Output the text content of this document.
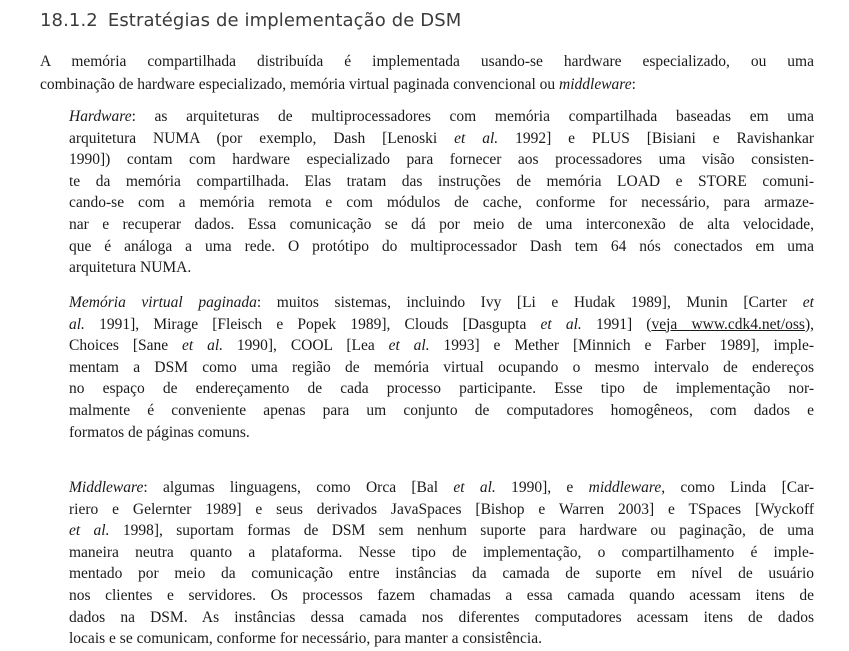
18.1.2 Estratégias de implementação de DSM

A memória compartilhada distribuída é implementada usando-se hardware especializado, ou uma
combinação de hardware especializado, memória virtual paginada convencional ou middleware:

Hardware: as arquiteturas de multiprocessadores com memória compartilhada baseadas em uma
arquitetura NUMA (por exemplo, Dash [Lenoski et al. 1992] e PLUS [Bisiani e Ravishankar
1990]) contam com hardware especializado para fornecer aos processadores uma visão consisten-
te da memória compartilhada. Elas tratam das instruções de memória LOAD e STORE comuni-
cando-se com a memória remota e com módulos de cache, conforme for necessário, para armaze-
nar e recuperar dados. Essa comunicação se dá por meio de uma interconexão de alta velocidade,
que é análoga a uma rede. O protótipo do multiprocessador Dash tem 64 nós conectados em uma
arquitetura NUMA.

Memória virtual paginada: muitos sistemas, incluindo Ivy [Li e Hudak 1989], Munin [Carter et
al. 1991], Mirage [Fleisch e Popek 1989], Clouds [Dasgupta et al. 1991] (veja www.cdk4.net/oss),
Choices [Sane et al. 1990], COOL [Lea et al. 1993] e Mether [Minnich e Farber 1989], imple-
mentam a DSM como uma região de memória virtual ocupando o mesmo intervalo de endereços
no espaço de endereçamento de cada processo participante. Esse tipo de implementação nor-
malmente é conveniente apenas para um conjunto de computadores homogêneos, com dados e
formatos de páginas comuns.

Middleware: algumas linguagens, como Orca [Bal et al. 1990], e middleware, como Linda [Car-
riero e Gelernter 1989] e seus derivados JavaSpaces [Bishop e Warren 2003] e TSpaces [Wyckoff
et al. 1998], suportam formas de DSM sem nenhum suporte para hardware ou paginação, de uma
maneira neutra quanto a plataforma. Nesse tipo de implementação, o compartilhamento é imple-
mentado por meio da comunicação entre instâncias da camada de suporte em nível de usuário
nos clientes e servidores. Os processos fazem chamadas a essa camada quando acessam itens de
dados na DSM. As instâncias dessa camada nos diferentes computadores acessam itens de dados
locais e se comunicam, conforme for necessário, para manter a consistência.
